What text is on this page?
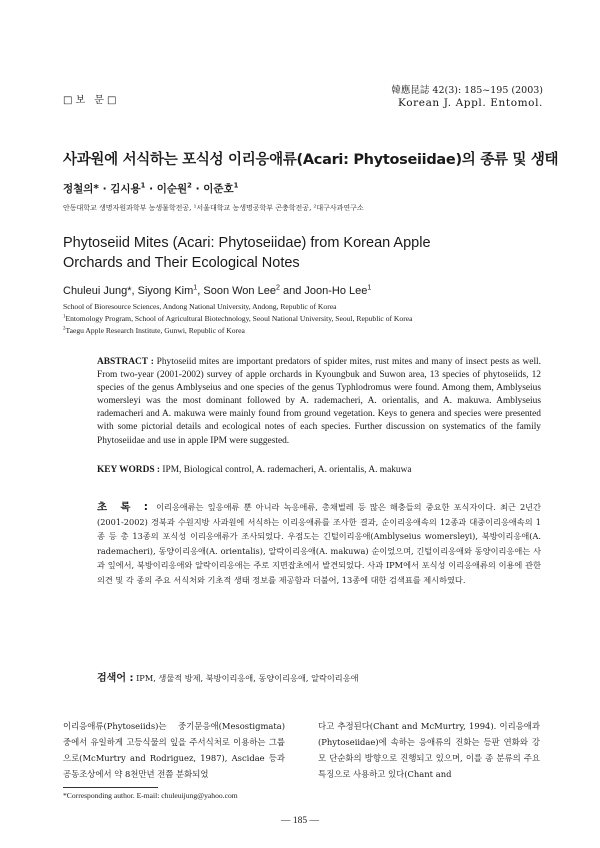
□보 문□
韓應昆誌 42(3): 185~195 (2003)
Korean J. Appl. Entomol.
사과원에 서식하는 포식성 이리응애류(Acari: Phytoseiidae)의 종류 및 생태
정철의* · 김시용$^1$ · 이순원$^2$ · 이준호$^1$
안동대학교 생명자원과학부 농생물학전공, ¹서울대학교 농생명공학부 곤충학전공, ²대구사과연구소
Phytoseiid Mites (Acari: Phytoseiidae) from Korean Apple Orchards and Their Ecological Notes
Chuleui Jung*, Siyong Kim$^1$, Soon Won Lee$^2$ and Joon-Ho Lee$^1$
School of Bioresource Sciences, Andong National University, Andong, Republic of Korea
$^1$Entomology Program, School of Agricultural Biotechnology, Seoul National University, Seoul, Republic of Korea
$^2$Taegu Apple Research Institute, Gunwi, Republic of Korea
ABSTRACT : Phytoseiid mites are important predators of spider mites, rust mites and many of insect pests as well. From two-year (2001-2002) survey of apple orchards in Kyoungbuk and Suwon area, 13 species of phytoseiids, 12 species of the genus Amblyseius and one species of the genus Typhlodromus were found. Among them, Amblyseius womersleyi was the most dominant followed by A. rademacheri, A. orientalis, and A. makuwa. Amblyseius rademacheri and A. makuwa were mainly found from ground vegetation. Keys to genera and species were presented with some pictorial details and ecological notes of each species. Further discussion on systematics of the family Phytoseiidae and use in apple IPM were suggested.
KEY WORDS : IPM, Biological control, A. rademacheri, A. orientalis, A. makuwa
초 록 : 이리응애류는 잎응애류 뿐 아니라 녹응애류, 총채벌레 등 많은 해충들의 중요한 포식자이다. 최근 2년간(2001-2002) 경북과 수원지방 사과원에 서식하는 이리응애류를 조사한 결과, 순이리응애속의 12종과 대중이리응애속의 1종 등 총 13종의 포식성 이리응애류가 조사되었다. 우점도는 긴털이리응애(Amblyseius womersleyi), 북방이리응애(A. rademacheri), 동양이리응애(A. orientalis), 알락이리응애(A. makuwa) 순이었으며, 긴털이리응애와 동양이리응애는 사과 잎에서, 북방이리응애와 알락이리응애는 주로 지면잡초에서 발견되었다. 사과 IPM에서 포식성 이리응애류의 이용에 관한 의견 및 각 종의 주요 서식처와 기초적 생태 정보를 제공함과 더불어, 13종에 대한 검색표를 제시하였다.
검색어 : IPM, 생물적 방제, 북방이리응애, 동양이리응애, 알락이리응애
이리응애류(Phytoseiids)는 중기문응애(Mesostigmata) 중에서 유일하게 고등식물의 잎을 주서식처로 이용하는 그룹으로(McMurtry and Rodriguez, 1987), Ascidae 등과 공동조상에서 약 8천만년 전쯤 분화되었
다고 추정된다(Chant and McMurtry, 1994). 이리응애과(Phytoseiidae)에 속하는 응애류의 진화는 등판 연화와 강모 단순화의 방향으로 진행되고 있으며, 이를 종 분류의 주요 특징으로 사용하고 있다(Chant and
*Corresponding author. E-mail: chuleuijung@yahoo.com
— 185 —
